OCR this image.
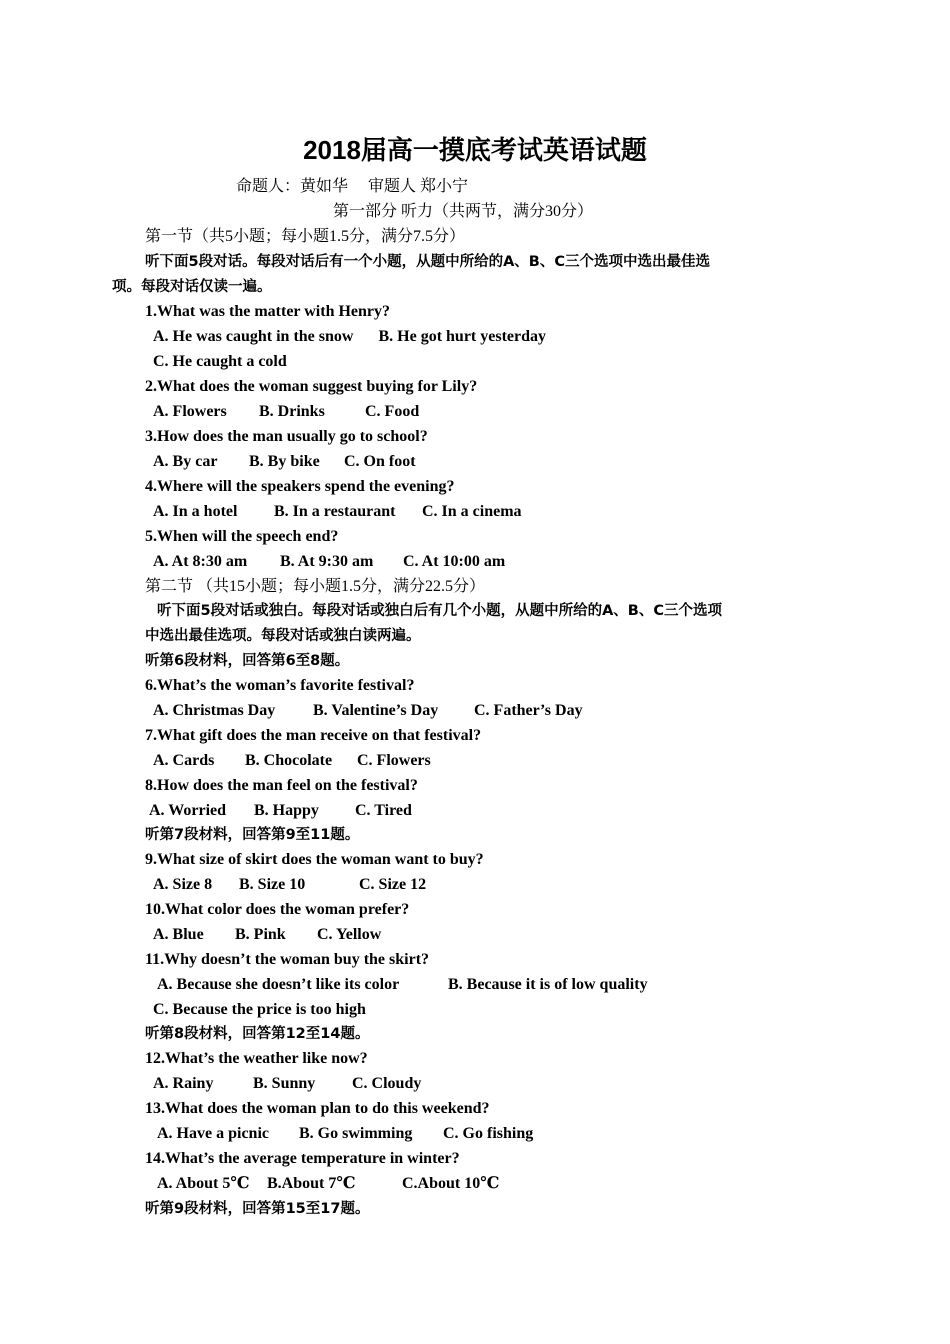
2018届高一摸底考试英语试题
命题人：黄如华　 审题人 郑小宁
第一部分 听力（共两节，满分30分）
第一节（共5小题；每小题1.5分，满分7.5分）
听下面5段对话。每段对话后有一个小题，从题中所给的A、B、C三个选项中选出最佳选
项。每段对话仅读一遍。
1.What was the matter with Henry?
A. He was caught in the snow B. He got hurt yesterday
C. He caught a cold
2.What does the woman suggest buying for Lily?
A. Flowers B. Drinks	C. Food
3.How does the man usually go to school?
A. By car B. By bike C. On foot
4.Where will the speakers spend the evening?
A. In a hotel B. In a restaurant C. In a cinema
5.When will the speech end?
A. At 8:30 am B. At 9:30 am C. At 10:00 am
第二节 （共15小题；每小题1.5分，满分22.5分）
听下面5段对话或独白。每段对话或独白后有几个小题，从题中所给的A、B、C三个选项
中选出最佳选项。每段对话或独白读两遍。
听第6段材料，回答第6至8题。
6.What’s the woman’s favorite festival?
A. Christmas Day B. Valentine’s Day C. Father’s Day
7.What gift does the man receive on that festival?
A. Cards B. Chocolate C. Flowers
8.How does the man feel on the festival?
A. Worried B. Happy C. Tired
听第7段材料，回答第9至11题。
9.What size of skirt does the woman want to buy?
A. Size 8 B. Size 10	C. Size 12
10.What color does the woman prefer?
A. Blue B. Pink C. Yellow
11.Why doesn’t the woman buy the skirt?
A. Because she doesn’t like its color	B. Because it is of low quality
C. Because the price is too high
听第8段材料，回答第12至14题。
12.What’s the weather like now?
A. Rainy B. Sunny C. Cloudy
13.What does the woman plan to do this weekend?
A. Have a picnic B. Go swimming C. Go fishing
14.What’s the average temperature in winter?
A. About 5℃ B.About 7℃	C.About 10℃
听第9段材料，回答第15至17题。
